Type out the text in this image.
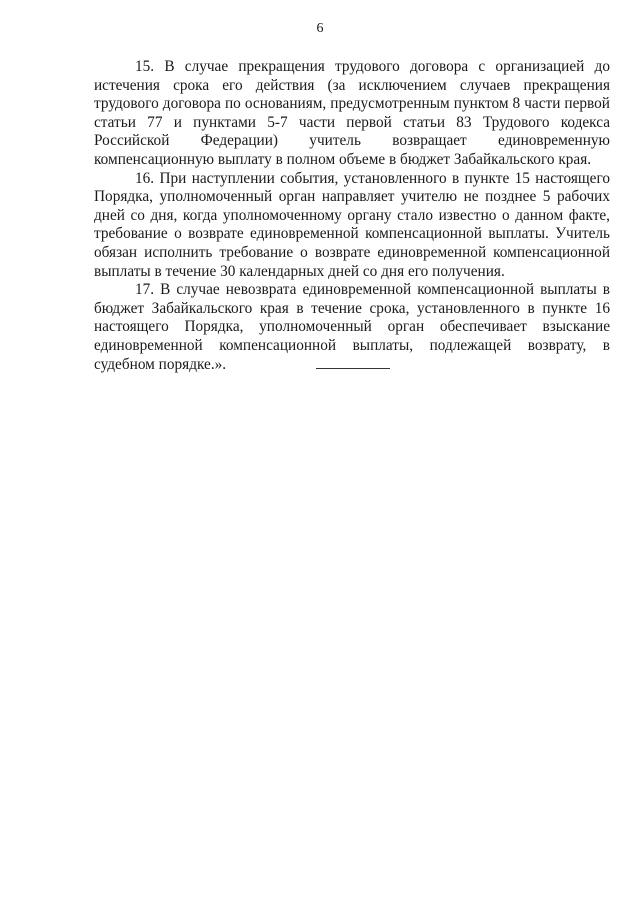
6

15. В случае прекращения трудового договора с организацией до истечения срока его действия (за исключением случаев прекращения трудового договора по основаниям, предусмотренным пунктом 8 части первой статьи 77 и пунктами 5-7 части первой статьи 83 Трудового кодекса Российской Федерации) учитель возвращает единовременную компенсационную выплату в полном объеме в бюджет Забайкальского края.

16. При наступлении события, установленного в пункте 15 настоящего Порядка, уполномоченный орган направляет учителю не позднее 5 рабочих дней со дня, когда уполномоченному органу стало известно о данном факте, требование о возврате единовременной компенсационной выплаты. Учитель обязан исполнить требование о возврате единовременной компенсационной выплаты в течение 30 календарных дней со дня его получения.

17. В случае невозврата единовременной компенсационной выплаты в бюджет Забайкальского края в течение срока, установленного в пункте 16 настоящего Порядка, уполномоченный орган обеспечивает взыскание единовременной компенсационной выплаты, подлежащей возврату, в судебном порядке.».
